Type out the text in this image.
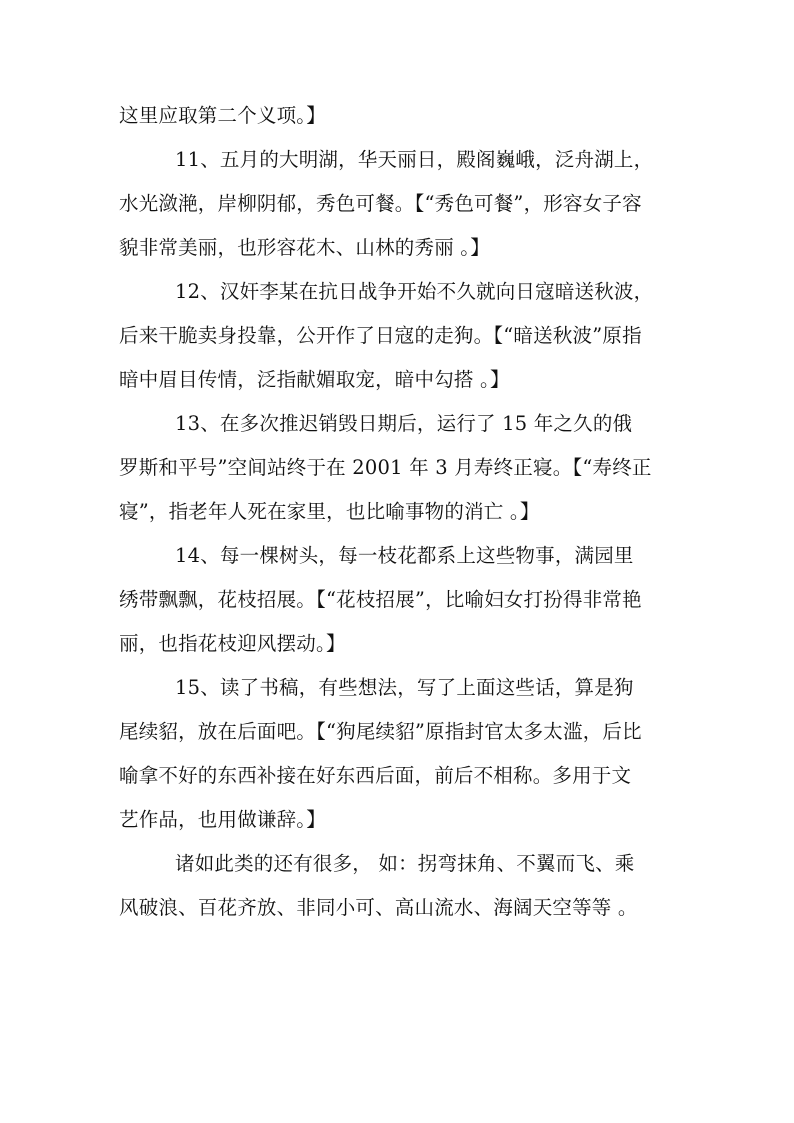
这里应取第二个义项。】
11、五月的大明湖，华天丽日，殿阁巍峨，泛舟湖上，
水光潋滟，岸柳阴郁，秀色可餐。【“秀色可餐”，形容女子容
貌非常美丽，也形容花木、山林的秀丽 。】
12、汉奸李某在抗日战争开始不久就向日寇暗送秋波，
后来干脆卖身投靠，公开作了日寇的走狗。【“暗送秋波”原指
暗中眉目传情，泛指献媚取宠，暗中勾搭 。】
13、在多次推迟销毁日期后，运行了 15 年之久的俄
罗斯和平号”空间站终于在 2001 年 3 月寿终正寝。【“寿终正
寝”，指老年人死在家里，也比喻事物的消亡 。】
14、每一棵树头，每一枝花都系上这些物事，满园里
绣带飘飘，花枝招展。【“花枝招展”，比喻妇女打扮得非常艳
丽，也指花枝迎风摆动。】
15、读了书稿，有些想法，写了上面这些话，算是狗
尾续貂，放在后面吧。【“狗尾续貂”原指封官太多太滥，后比
喻拿不好的东西补接在好东西后面，前后不相称。多用于文
艺作品，也用做谦辞。】
诸如此类的还有很多， 如：拐弯抹角、不翼而飞、乘
风破浪、百花齐放、非同小可、高山流水、海阔天空等等 。
